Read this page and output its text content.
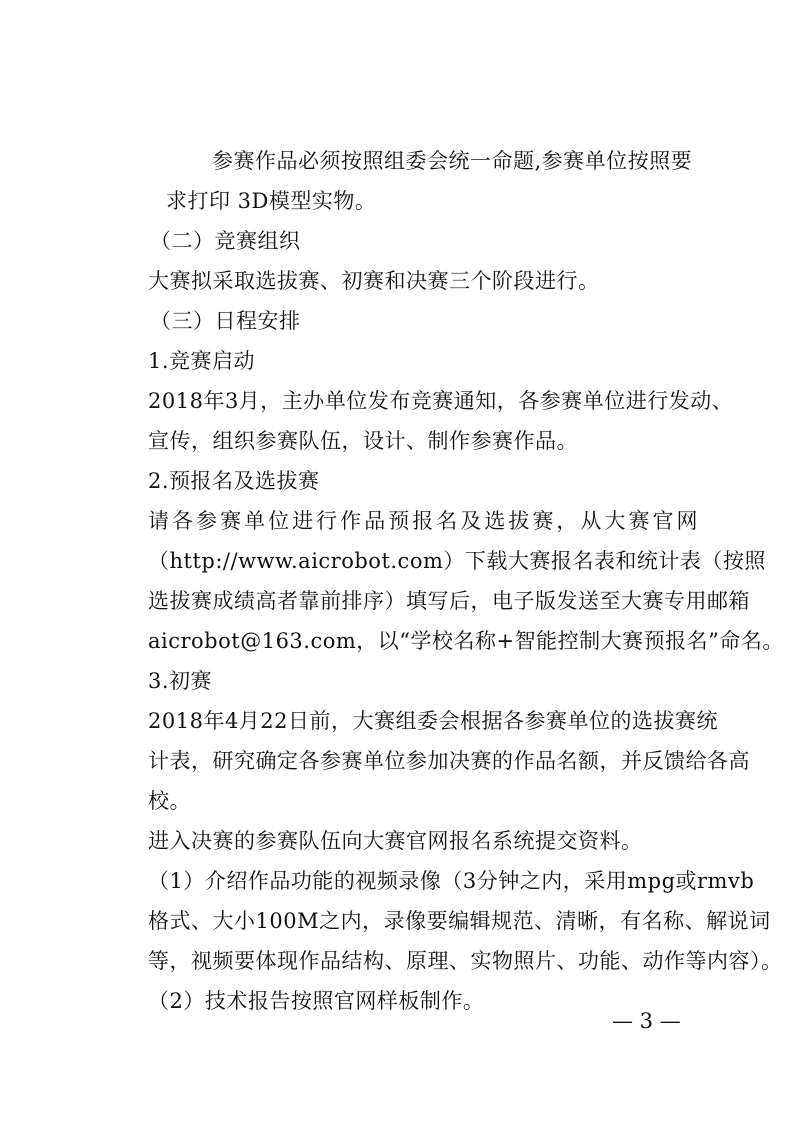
参赛作品必须按照组委会统一命题,参赛单位按照要

求打印 3D模型实物。

（二）竞赛组织

大赛拟采取选拔赛、初赛和决赛三个阶段进行。

（三）日程安排

1.竞赛启动

2018年3月，主办单位发布竞赛通知，各参赛单位进行发动、

宣传，组织参赛队伍，设计、制作参赛作品。

2.预报名及选拔赛

请各参赛单位进行作品预报名及选拔赛，从大赛官网

（http://www.aicrobot.com）下载大赛报名表和统计表（按照

选拔赛成绩高者靠前排序）填写后，电子版发送至大赛专用邮箱

aicrobot@163.com，以“学校名称+智能控制大赛预报名”命名。

3.初赛

2018年4月22日前，大赛组委会根据各参赛单位的选拔赛统

计表，研究确定各参赛单位参加决赛的作品名额，并反馈给各高

校。

进入决赛的参赛队伍向大赛官网报名系统提交资料。

（1）介绍作品功能的视频录像（3分钟之内，采用mpg或rmvb

格式、大小100M之内，录像要编辑规范、清晰，有名称、解说词

等，视频要体现作品结构、原理、实物照片、功能、动作等内容）。

（2）技术报告按照官网样板制作。

— 3 —
